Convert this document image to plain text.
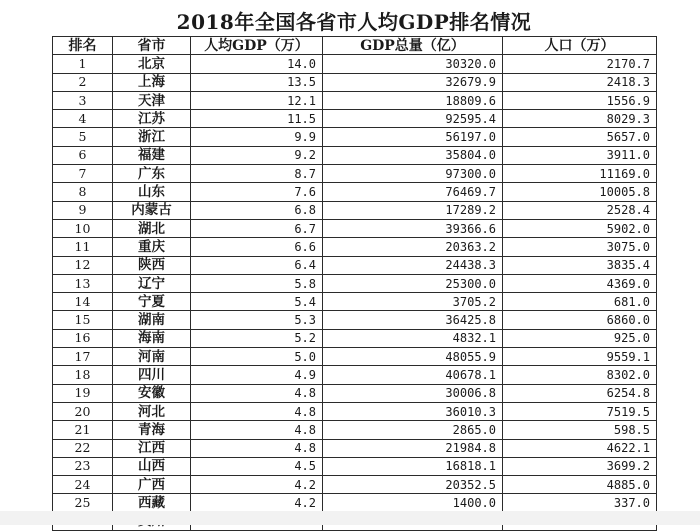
2018年全国各省市人均GDP排名情况
排名	省市	人均GDP（万）	GDP总量（亿）	人口（万）
1	北京	14.0	30320.0	2170.7
2	上海	13.5	32679.9	2418.3
3	天津	12.1	18809.6	1556.9
4	江苏	11.5	92595.4	8029.3
5	浙江	9.9	56197.0	5657.0
6	福建	9.2	35804.0	3911.0
7	广东	8.7	97300.0	11169.0
8	山东	7.6	76469.7	10005.8
9	内蒙古	6.8	17289.2	2528.4
10	湖北	6.7	39366.6	5902.0
11	重庆	6.6	20363.2	3075.0
12	陕西	6.4	24438.3	3835.4
13	辽宁	5.8	25300.0	4369.0
14	宁夏	5.4	3705.2	681.0
15	湖南	5.3	36425.8	6860.0
16	海南	5.2	4832.1	925.0
17	河南	5.0	48055.9	9559.1
18	四川	4.9	40678.1	8302.0
19	安徽	4.8	30006.8	6254.8
20	河北	4.8	36010.3	7519.5
21	青海	4.8	2865.0	598.5
22	江西	4.8	21984.8	4622.1
23	山西	4.5	16818.1	3699.2
24	广西	4.2	20352.5	4885.0
25	西藏	4.2	1400.0	337.0
